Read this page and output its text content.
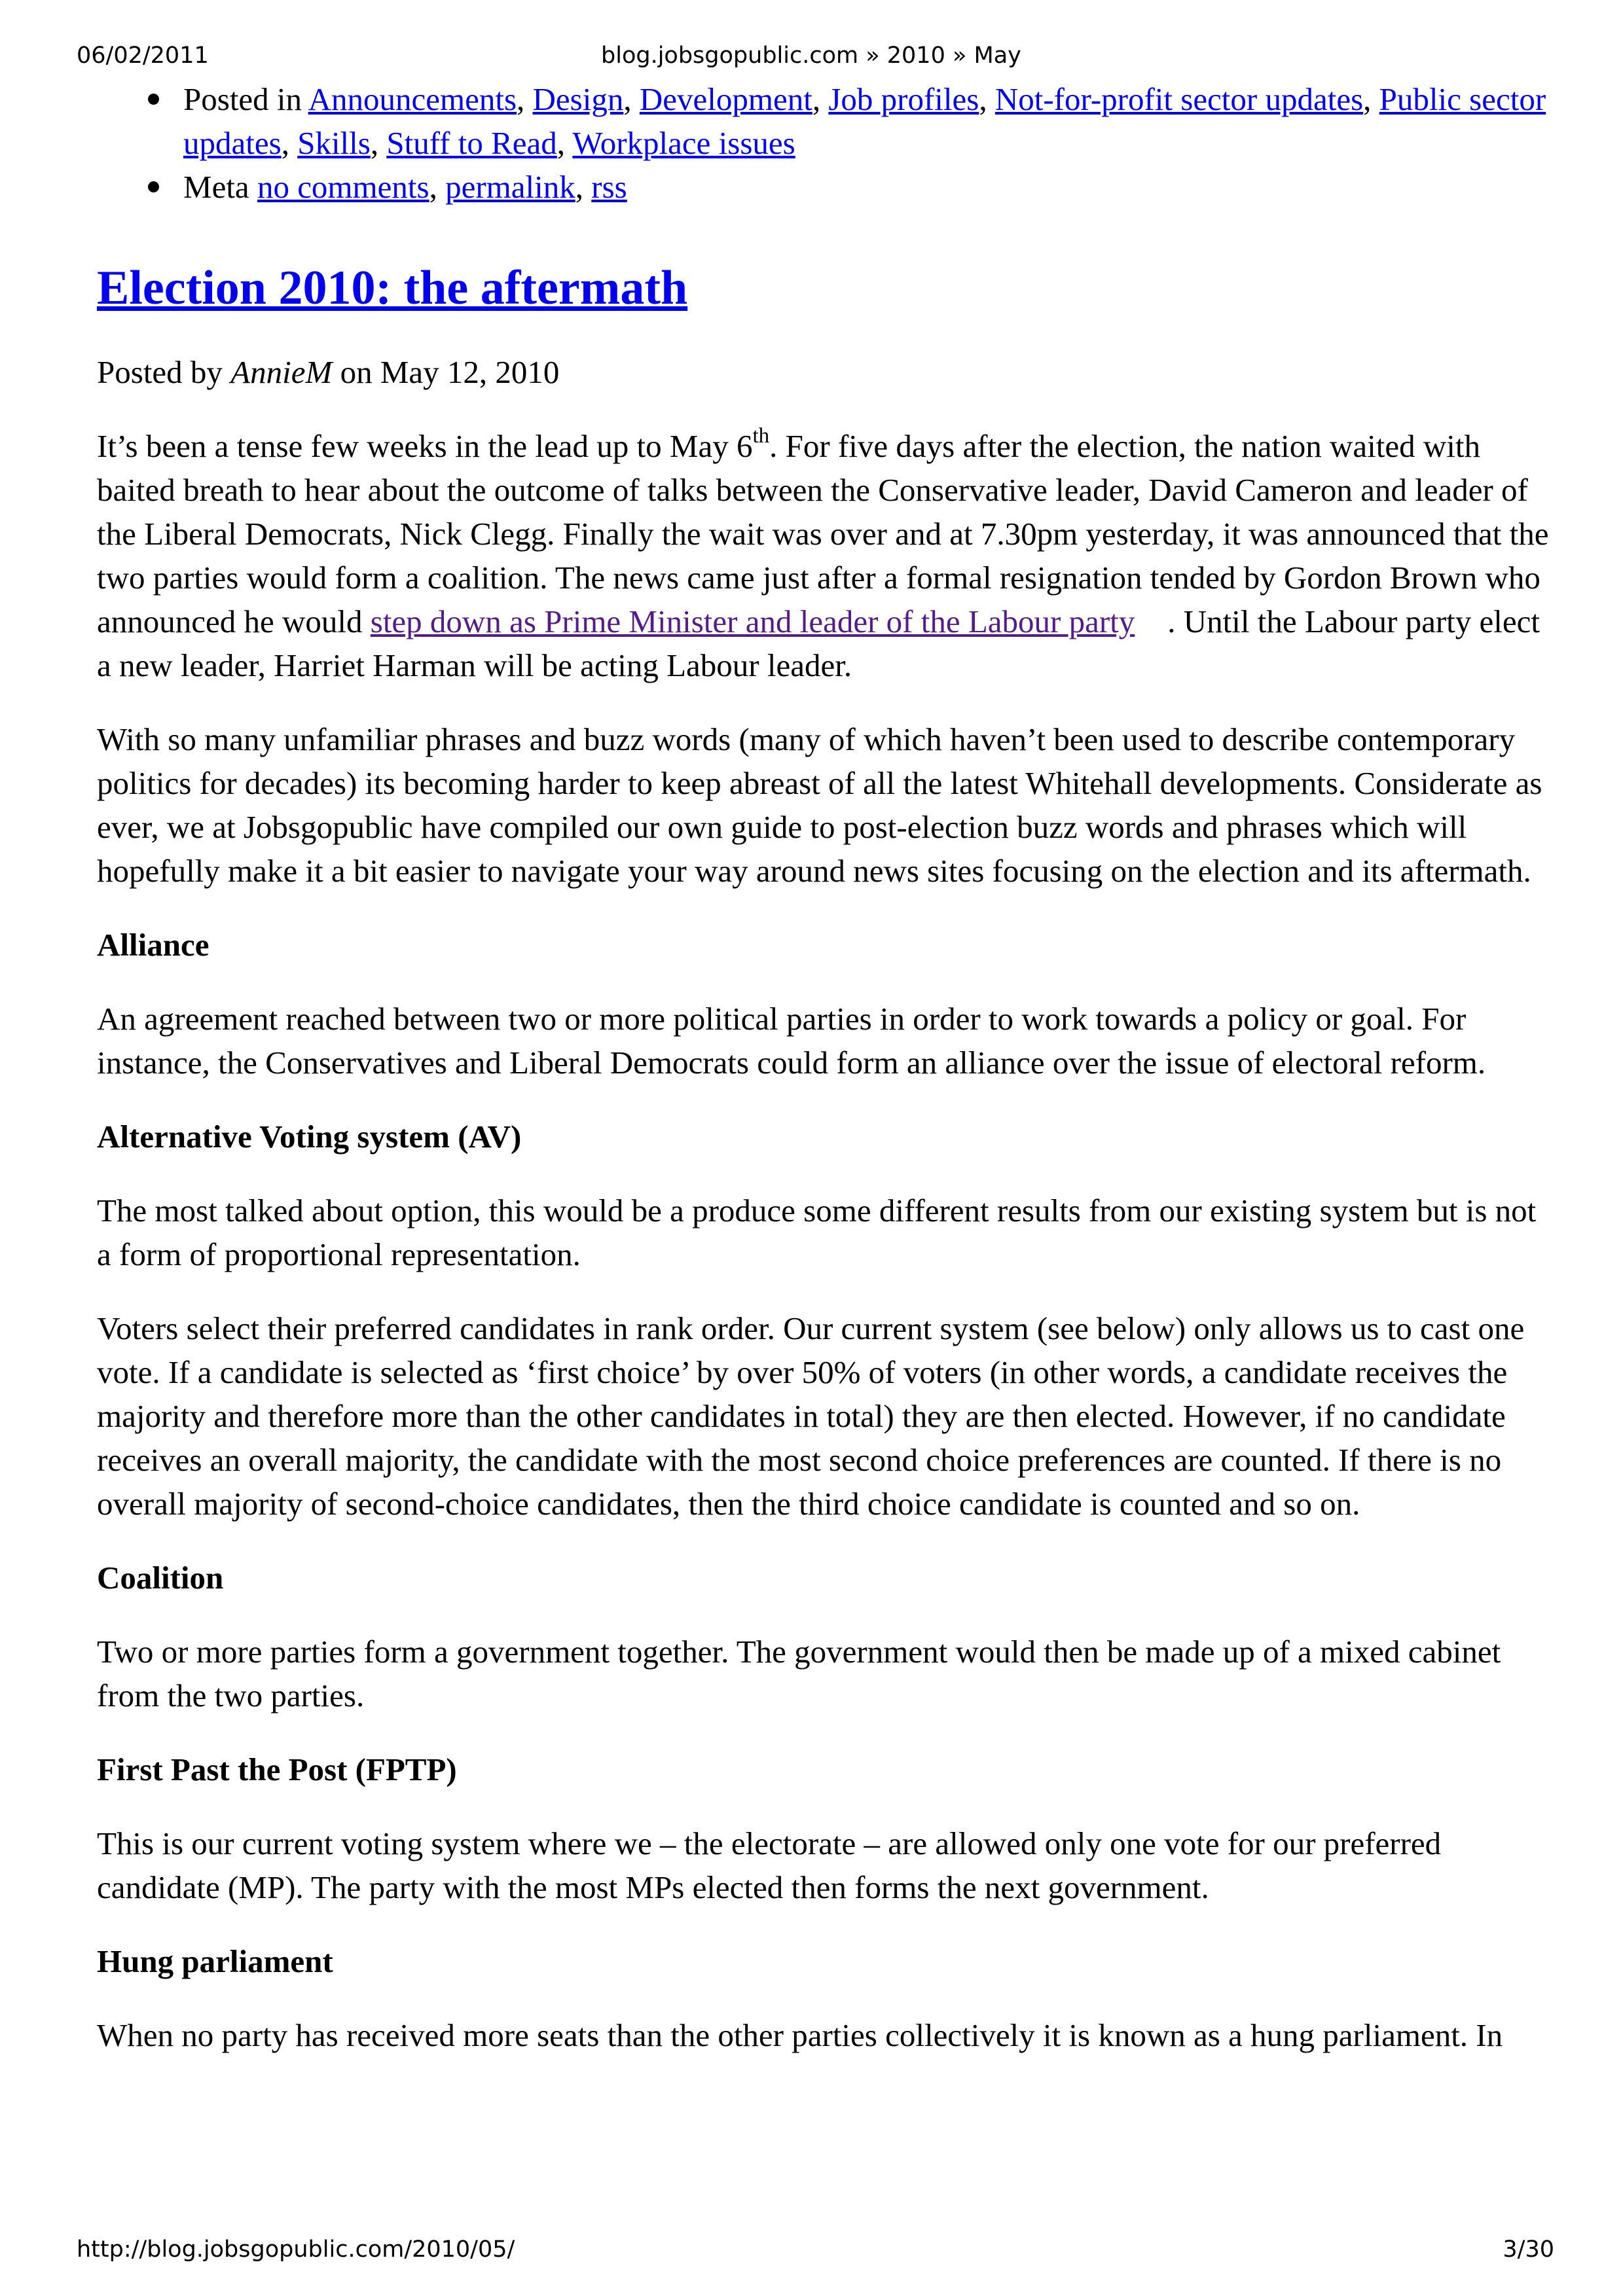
06/02/2011	blog.jobsgopublic.com » 2010 » May
Posted in Announcements, Design, Development, Job profiles, Not-for-profit sector updates, Public sector updates, Skills, Stuff to Read, Workplace issues
Meta no comments, permalink, rss
Election 2010: the aftermath
Posted by AnnieM on May 12, 2010

It’s been a tense few weeks in the lead up to May 6th. For five days after the election, the nation waited with baited breath to hear about the outcome of talks between the Conservative leader, David Cameron and leader of the Liberal Democrats, Nick Clegg. Finally the wait was over and at 7.30pm yesterday, it was announced that the two parties would form a coalition. The news came just after a formal resignation tended by Gordon Brown who announced he would step down as Prime Minister and leader of the Labour party . Until the Labour party elect a new leader, Harriet Harman will be acting Labour leader.

With so many unfamiliar phrases and buzz words (many of which haven’t been used to describe contemporary politics for decades) its becoming harder to keep abreast of all the latest Whitehall developments. Considerate as ever, we at Jobsgopublic have compiled our own guide to post-election buzz words and phrases which will hopefully make it a bit easier to navigate your way around news sites focusing on the election and its aftermath.

Alliance

An agreement reached between two or more political parties in order to work towards a policy or goal. For instance, the Conservatives and Liberal Democrats could form an alliance over the issue of electoral reform.

Alternative Voting system (AV)

The most talked about option, this would be a produce some different results from our existing system but is not a form of proportional representation.

Voters select their preferred candidates in rank order. Our current system (see below) only allows us to cast one vote. If a candidate is selected as ‘first choice’ by over 50% of voters (in other words, a candidate receives the majority and therefore more than the other candidates in total) they are then elected. However, if no candidate receives an overall majority, the candidate with the most second choice preferences are counted. If there is no overall majority of second-choice candidates, then the third choice candidate is counted and so on.

Coalition

Two or more parties form a government together. The government would then be made up of a mixed cabinet from the two parties.

First Past the Post (FPTP)

This is our current voting system where we – the electorate – are allowed only one vote for our preferred candidate (MP). The party with the most MPs elected then forms the next government.

Hung parliament

When no party has received more seats than the other parties collectively it is known as a hung parliament. In

http://blog.jobsgopublic.com/2010/05/	3/30
